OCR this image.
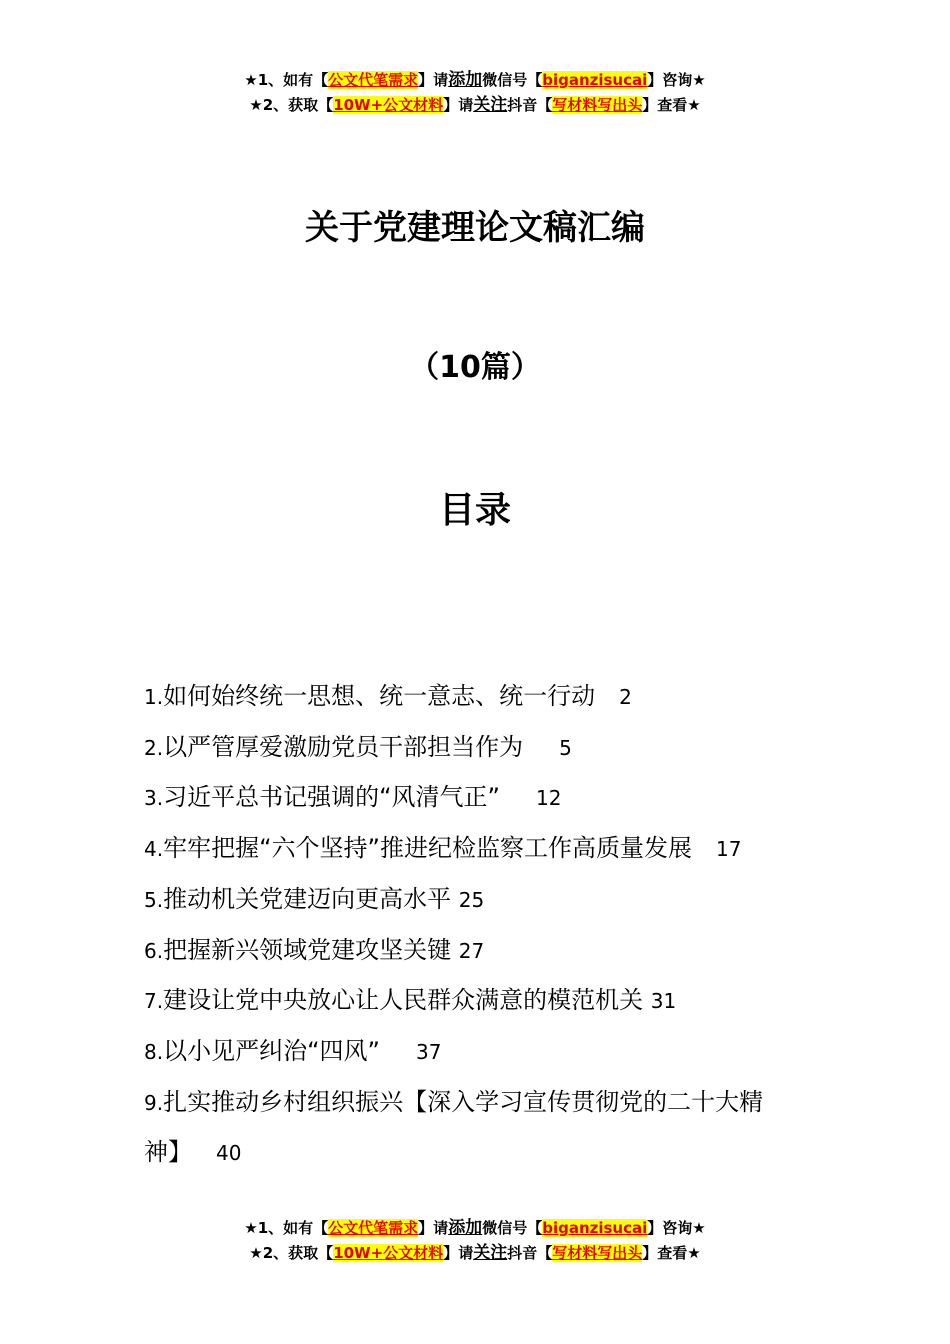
★1、如有【公文代笔需求】请添加微信号【biganzisucai】咨询★
★2、获取【10W+公文材料】请关注抖音【写材料写出头】查看★
关于党建理论文稿汇编
（10篇）
目录
1.如何始终统一思想、统一意志、统一行动  2
2.以严管厚爱激励党员干部担当作为   5
3.习近平总书记强调的“风清气正”   12
4.牢牢把握“六个坚持”推进纪检监察工作高质量发展  17
5.推动机关党建迈向更高水平 25
6.把握新兴领域党建攻坚关键 27
7.建设让党中央放心让人民群众满意的模范机关 31
8.以小见严纠治“四风”   37
9.扎实推动乡村组织振兴【深入学习宣传贯彻党的二十大精神】  40
★1、如有【公文代笔需求】请添加微信号【biganzisucai】咨询★
★2、获取【10W+公文材料】请关注抖音【写材料写出头】查看★
